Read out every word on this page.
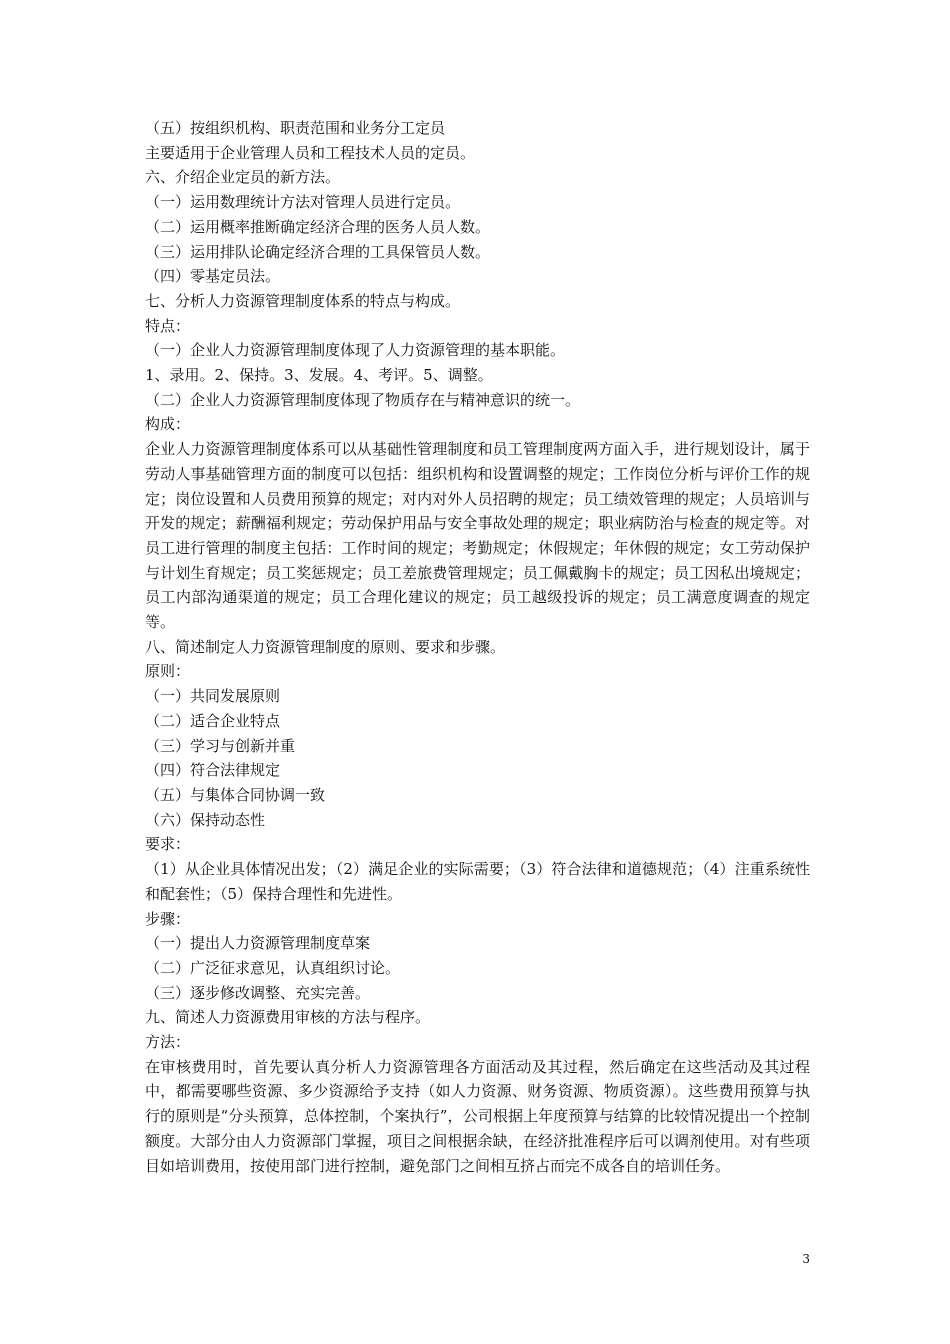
（五）按组织机构、职责范围和业务分工定员

主要适用于企业管理人员和工程技术人员的定员。

六、介绍企业定员的新方法。

（一）运用数理统计方法对管理人员进行定员。

（二）运用概率推断确定经济合理的医务人员人数。

（三）运用排队论确定经济合理的工具保管员人数。

（四）零基定员法。

七、分析人力资源管理制度体系的特点与构成。

特点：

（一）企业人力资源管理制度体现了人力资源管理的基本职能。

1、录用。2、保持。3、发展。4、考评。5、调整。

（二）企业人力资源管理制度体现了物质存在与精神意识的统一。

构成：

企业人力资源管理制度体系可以从基础性管理制度和员工管理制度两方面入手，进行规划设计，属于劳动人事基础管理方面的制度可以包括：组织机构和设置调整的规定；工作岗位分析与评价工作的规定；岗位设置和人员费用预算的规定；对内对外人员招聘的规定；员工绩效管理的规定；人员培训与开发的规定；薪酬福利规定；劳动保护用品与安全事故处理的规定；职业病防治与检查的规定等。对员工进行管理的制度主包括：工作时间的规定；考勤规定；休假规定；年休假的规定；女工劳动保护与计划生育规定；员工奖惩规定；员工差旅费管理规定；员工佩戴胸卡的规定；员工因私出境规定；员工内部沟通渠道的规定；员工合理化建议的规定；员工越级投诉的规定；员工满意度调查的规定等。

八、简述制定人力资源管理制度的原则、要求和步骤。

原则：

（一）共同发展原则

（二）适合企业特点

（三）学习与创新并重

（四）符合法律规定

（五）与集体合同协调一致

（六）保持动态性

要求：

（1）从企业具体情况出发；（2）满足企业的实际需要；（3）符合法律和道德规范；（4）注重系统性和配套性；（5）保持合理性和先进性。

步骤：

（一）提出人力资源管理制度草案

（二）广泛征求意见，认真组织讨论。

（三）逐步修改调整、充实完善。

九、简述人力资源费用审核的方法与程序。

方法：

在审核费用时，首先要认真分析人力资源管理各方面活动及其过程，然后确定在这些活动及其过程中，都需要哪些资源、多少资源给予支持（如人力资源、财务资源、物质资源）。这些费用预算与执行的原则是“分头预算，总体控制，个案执行”，公司根据上年度预算与结算的比较情况提出一个控制额度。大部分由人力资源部门掌握，项目之间根据余缺，在经济批准程序后可以调剂使用。对有些项目如培训费用，按使用部门进行控制，避免部门之间相互挤占而完不成各自的培训任务。

3
